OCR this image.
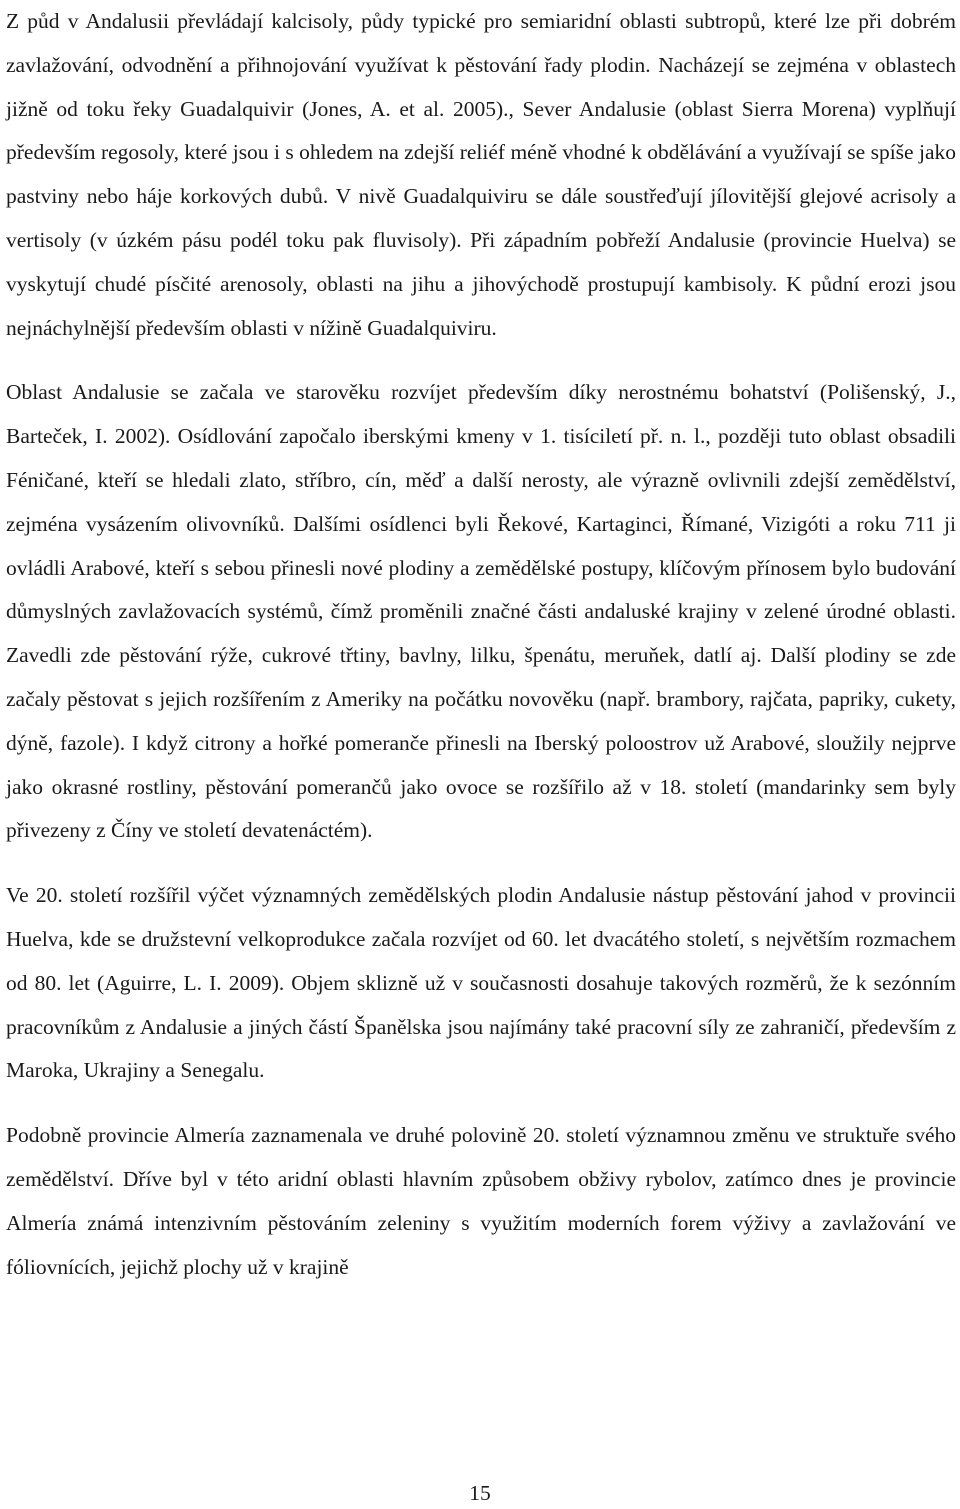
Z půd v Andalusii převládají kalcisoly, půdy typické pro semiaridní oblasti subtropů, které lze při dobrém zavlažování, odvodnění a přihnojování využívat k pěstování řady plodin. Nacházejí se zejména v oblastech jižně od toku řeky Guadalquivir (Jones, A. et al. 2005)., Sever Andalusie (oblast Sierra Morena) vyplňují především regosoly, které jsou i s ohledem na zdejší reliéf méně vhodné k obdělávání a využívají se spíše jako pastviny nebo háje korkových dubů. V nivě Guadalquiviru se dále soustřeďují jílovitější glejové acrisoly a vertisoly (v úzkém pásu podél toku pak fluvisoly). Při západním pobřeží Andalusie (provincie Huelva) se vyskytují chudé písčité arenosoly, oblasti na jihu a jihovýchodě prostupují kambisoly. K půdní erozi jsou nejnáchylnější především oblasti v nížině Guadalquiviru.

Oblast Andalusie se začala ve starověku rozvíjet především díky nerostnému bohatství (Polišenský, J., Barteček, I. 2002). Osídlování započalo iberskými kmeny v 1. tisíciletí př. n. l., později tuto oblast obsadili Féničané, kteří se hledali zlato, stříbro, cín, měď a další nerosty, ale výrazně ovlivnili zdejší zemědělství, zejména vysázením olivovníků. Dalšími osídlenci byli Řekové, Kartaginci, Římané, Vizigóti a roku 711 ji ovládli Arabové, kteří s sebou přinesli nové plodiny a zemědělské postupy, klíčovým přínosem bylo budování důmyslných zavlažovacích systémů, čímž proměnili značné části andaluské krajiny v zelené úrodné oblasti. Zavedli zde pěstování rýže, cukrové třtiny, bavlny, lilku, špenátu, meruňek, datlí aj. Další plodiny se zde začaly pěstovat s jejich rozšířením z Ameriky na počátku novověku (např. brambory, rajčata, papriky, cukety, dýně, fazole). I když citrony a hořké pomeranče přinesli na Iberský poloostrov už Arabové, sloužily nejprve jako okrasné rostliny, pěstování pomerančů jako ovoce se rozšířilo až v 18. století (mandarinky sem byly přivezeny z Číny ve století devatenáctém).

Ve 20. století rozšířil výčet významných zemědělských plodin Andalusie nástup pěstování jahod v provincii Huelva, kde se družstevní velkoprodukce začala rozvíjet od 60. let dvacátého století, s největším rozmachem od 80. let (Aguirre, L. I. 2009). Objem sklizně už v současnosti dosahuje takových rozměrů, že k sezónním pracovníkům z Andalusie a jiných částí Španělska jsou najímány také pracovní síly ze zahraničí, především z Maroka, Ukrajiny a Senegalu.

Podobně provincie Almería zaznamenala ve druhé polovině 20. století významnou změnu ve struktuře svého zemědělství. Dříve byl v této aridní oblasti hlavním způsobem obživy rybolov, zatímco dnes je provincie Almería známá intenzivním pěstováním zeleniny s využitím moderních forem výživy a zavlažování ve fóliovnících, jejichž plochy už v krajině

15
